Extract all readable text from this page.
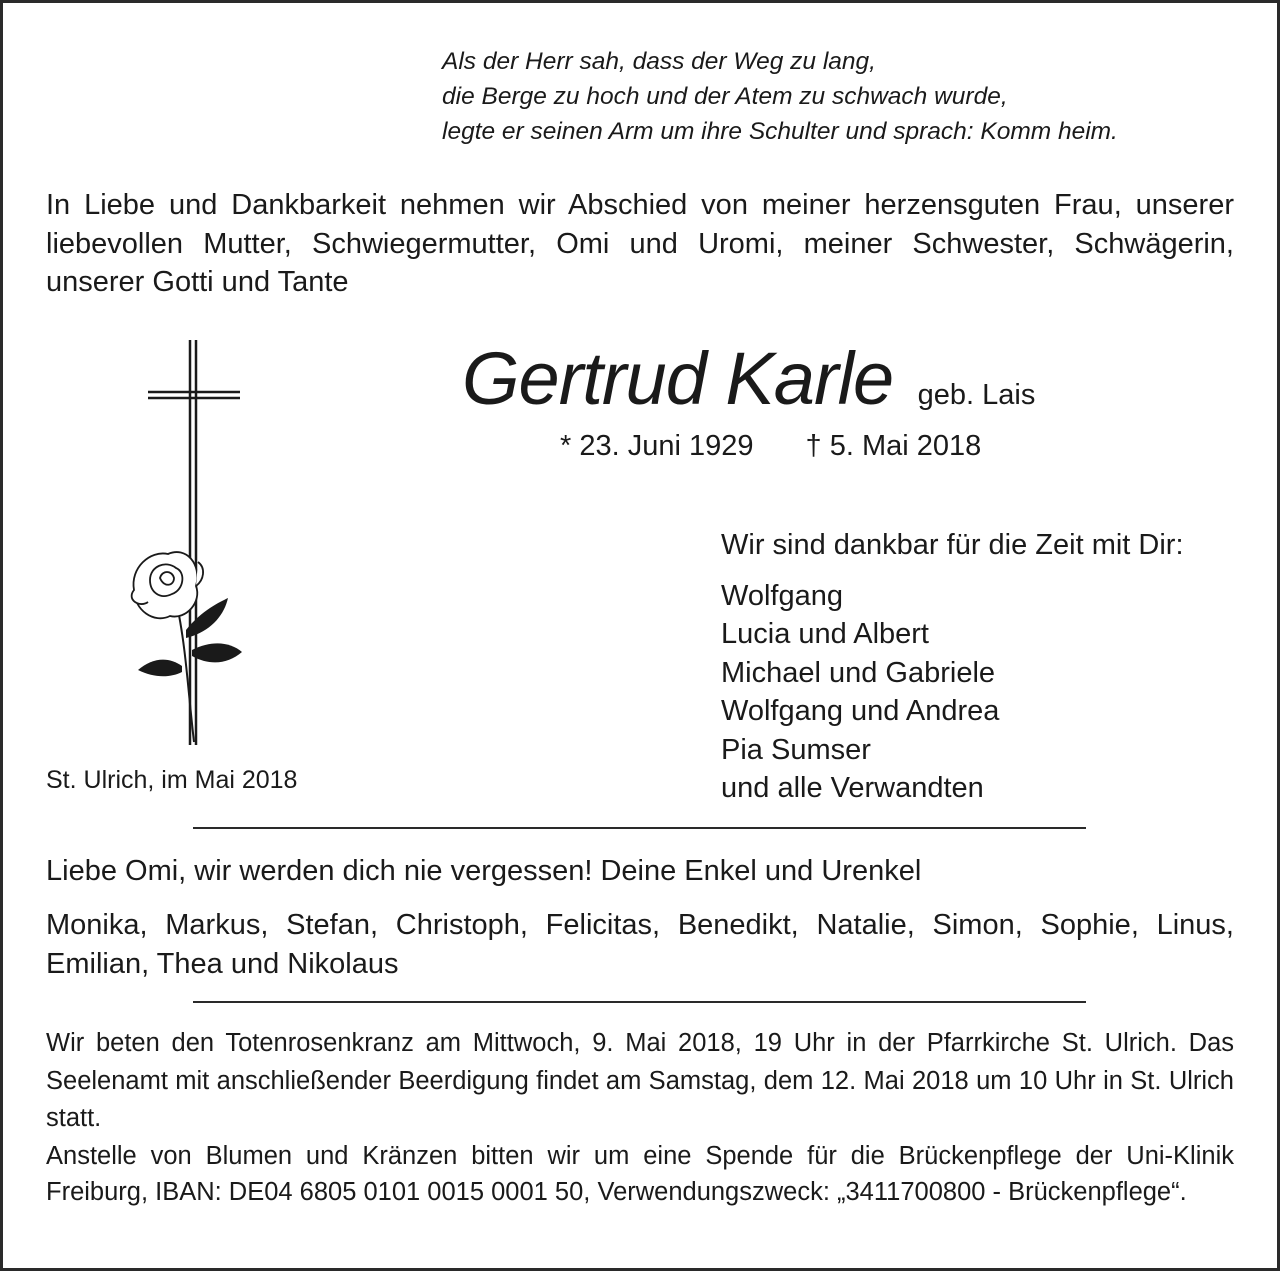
Als der Herr sah, dass der Weg zu lang,
die Berge zu hoch und der Atem zu schwach wurde,
legte er seinen Arm um ihre Schulter und sprach: Komm heim.
In Liebe und Dankbarkeit nehmen wir Abschied von meiner herzensguten Frau, unserer liebevollen Mutter, Schwiegermutter, Omi und Uromi, meiner Schwester, Schwägerin, unserer Gotti und Tante
Gertrud Karle geb. Lais
* 23. Juni 1929 † 5. Mai 2018
Wir sind dankbar für die Zeit mit Dir:
Wolfgang
Lucia und Albert
Michael und Gabriele
Wolfgang und Andrea
Pia Sumser
und alle Verwandten
St. Ulrich, im Mai 2018
Liebe Omi, wir werden dich nie vergessen! Deine Enkel und Urenkel
Monika, Markus, Stefan, Christoph, Felicitas, Benedikt, Natalie, Simon, Sophie, Linus, Emilian, Thea und Nikolaus

Wir beten den Totenrosenkranz am Mittwoch, 9. Mai 2018, 19 Uhr in der Pfarrkirche St. Ulrich. Das Seelenamt mit anschließender Beerdigung findet am Samstag, dem 12. Mai 2018 um 10 Uhr in St. Ulrich statt.

Anstelle von Blumen und Kränzen bitten wir um eine Spende für die Brückenpflege der Uni-Klinik Freiburg, IBAN: DE04 6805 0101 0015 0001 50, Verwendungszweck: „3411700800 - Brückenpflege“.
